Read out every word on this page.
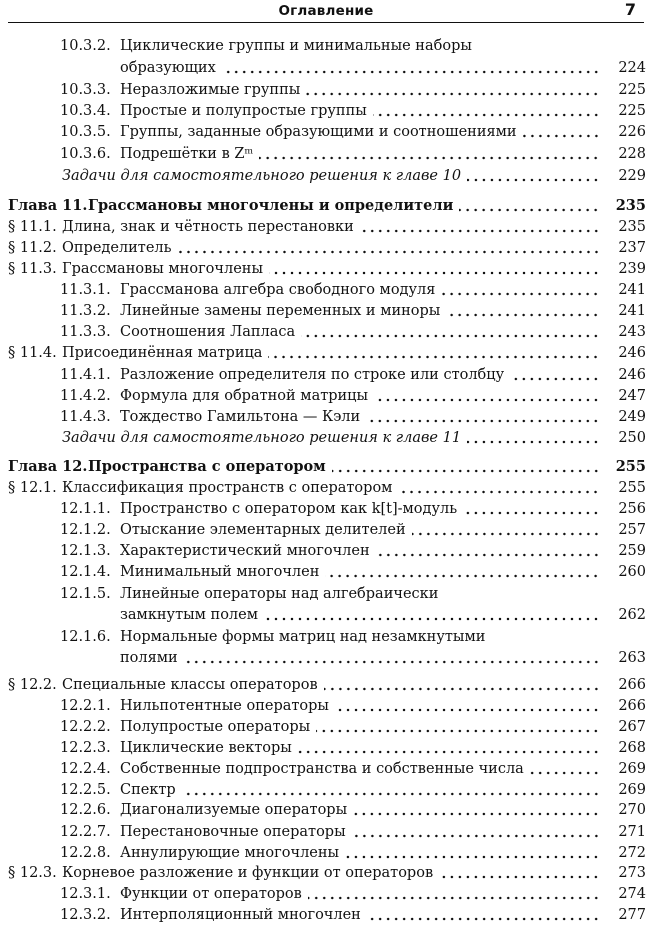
Оглавление	7
10.3.2. Циклические группы и минимальные наборы
образующих	224
10.3.3. Неразложимые группы	225
10.3.4. Простые и полупростые группы	225
10.3.5. Группы, заданные образующими и соотношениями	226
10.3.6. Подрешётки в Zᵐ	228
Задачи для самостоятельного решения к главе 10	229
Глава 11. Грассмановы многочлены и определители	235
§ 11.1. Длина, знак и чётность перестановки	235
§ 11.2. Определитель	237
§ 11.3. Грассмановы многочлены	239
11.3.1. Грассманова алгебра свободного модуля	241
11.3.2. Линейные замены переменных и миноры	241
11.3.3. Соотношения Лапласа	243
§ 11.4. Присоединённая матрица	246
11.4.1. Разложение определителя по строке или столбцу	246
11.4.2. Формула для обратной матрицы	247
11.4.3. Тождество Гамильтона — Кэли	249
Задачи для самостоятельного решения к главе 11	250
Глава 12. Пространства с оператором	255
§ 12.1. Классификация пространств с оператором	255
12.1.1. Пространство с оператором как k[t]-модуль	256
12.1.2. Отыскание элементарных делителей	257
12.1.3. Характеристический многочлен	259
12.1.4. Минимальный многочлен	260
12.1.5. Линейные операторы над алгебраически
замкнутым полем	262
12.1.6. Нормальные формы матриц над незамкнутыми
полями	263
§ 12.2. Специальные классы операторов	266
12.2.1. Нильпотентные операторы	266
12.2.2. Полупростые операторы	267
12.2.3. Циклические векторы	268
12.2.4. Собственные подпространства и собственные числа	269
12.2.5. Спектр	269
12.2.6. Диагонализуемые операторы	270
12.2.7. Перестановочные операторы	271
12.2.8. Аннулирующие многочлены	272
§ 12.3. Корневое разложение и функции от операторов	273
12.3.1. Функции от операторов	274
12.3.2. Интерполяционный многочлен	277
